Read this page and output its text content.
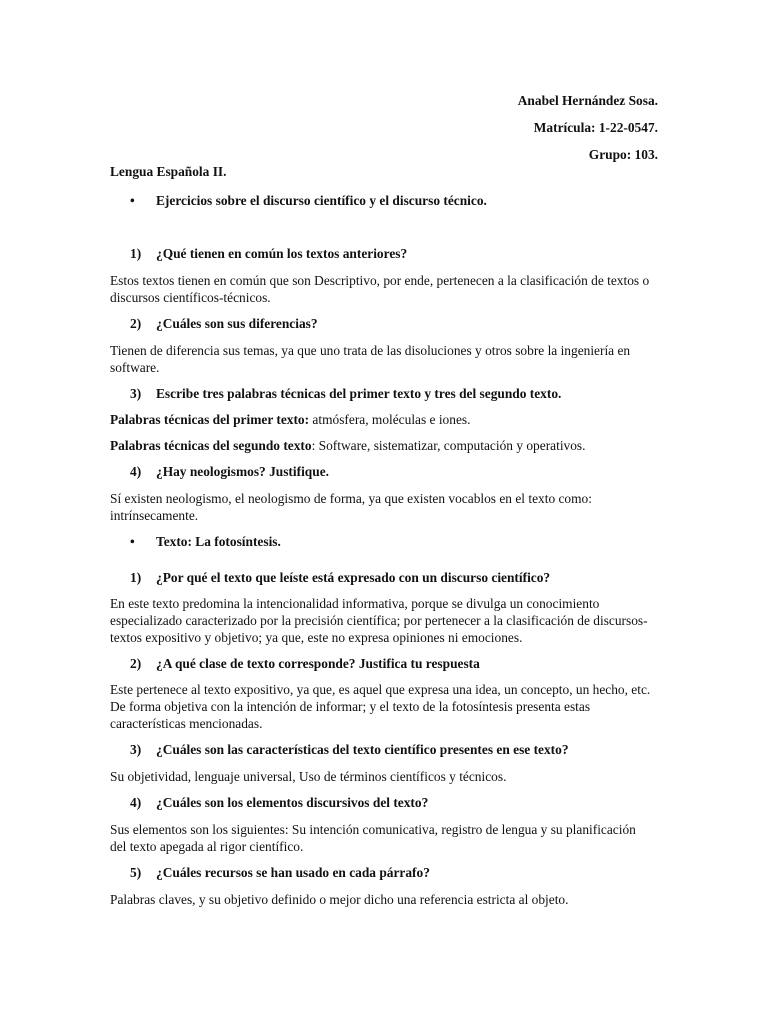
Anabel Hernández Sosa.
Matrícula: 1-22-0547.
Grupo: 103.
Lengua Española II.
• Ejercicios sobre el discurso científico y el discurso técnico.
1) ¿Qué tienen en común los textos anteriores?

Estos textos tienen en común que son Descriptivo, por ende, pertenecen a la clasificación de textos o discursos científicos-técnicos.

2) ¿Cuáles son sus diferencias?

Tienen de diferencia sus temas, ya que uno trata de las disoluciones y otros sobre la ingeniería en software.

3) Escribe tres palabras técnicas del primer texto y tres del segundo texto.

Palabras técnicas del primer texto: atmósfera, moléculas e iones.

Palabras técnicas del segundo texto: Software, sistematizar, computación y operativos.

4) ¿Hay neologismos? Justifique.

Sí existen neologismo, el neologismo de forma, ya que existen vocablos en el texto como: intrínsecamente.

• Texto: La fotosíntesis.
1) ¿Por qué el texto que leíste está expresado con un discurso científico?

En este texto predomina la intencionalidad informativa, porque se divulga un conocimiento especializado caracterizado por la precisión científica; por pertenecer a la clasificación de discursos-textos expositivo y objetivo; ya que, este no expresa opiniones ni emociones.

2) ¿A qué clase de texto corresponde? Justifica tu respuesta

Este pertenece al texto expositivo, ya que, es aquel que expresa una idea, un concepto, un hecho, etc. De forma objetiva con la intención de informar; y el texto de la fotosíntesis presenta estas características mencionadas.

3) ¿Cuáles son las características del texto científico presentes en ese texto?

Su objetividad, lenguaje universal, Uso de términos científicos y técnicos.

4) ¿Cuáles son los elementos discursivos del texto?

Sus elementos son los siguientes: Su intención comunicativa, registro de lengua y su planificación del texto apegada al rigor científico.

5) ¿Cuáles recursos se han usado en cada párrafo?

Palabras claves, y su objetivo definido o mejor dicho una referencia estricta al objeto.
